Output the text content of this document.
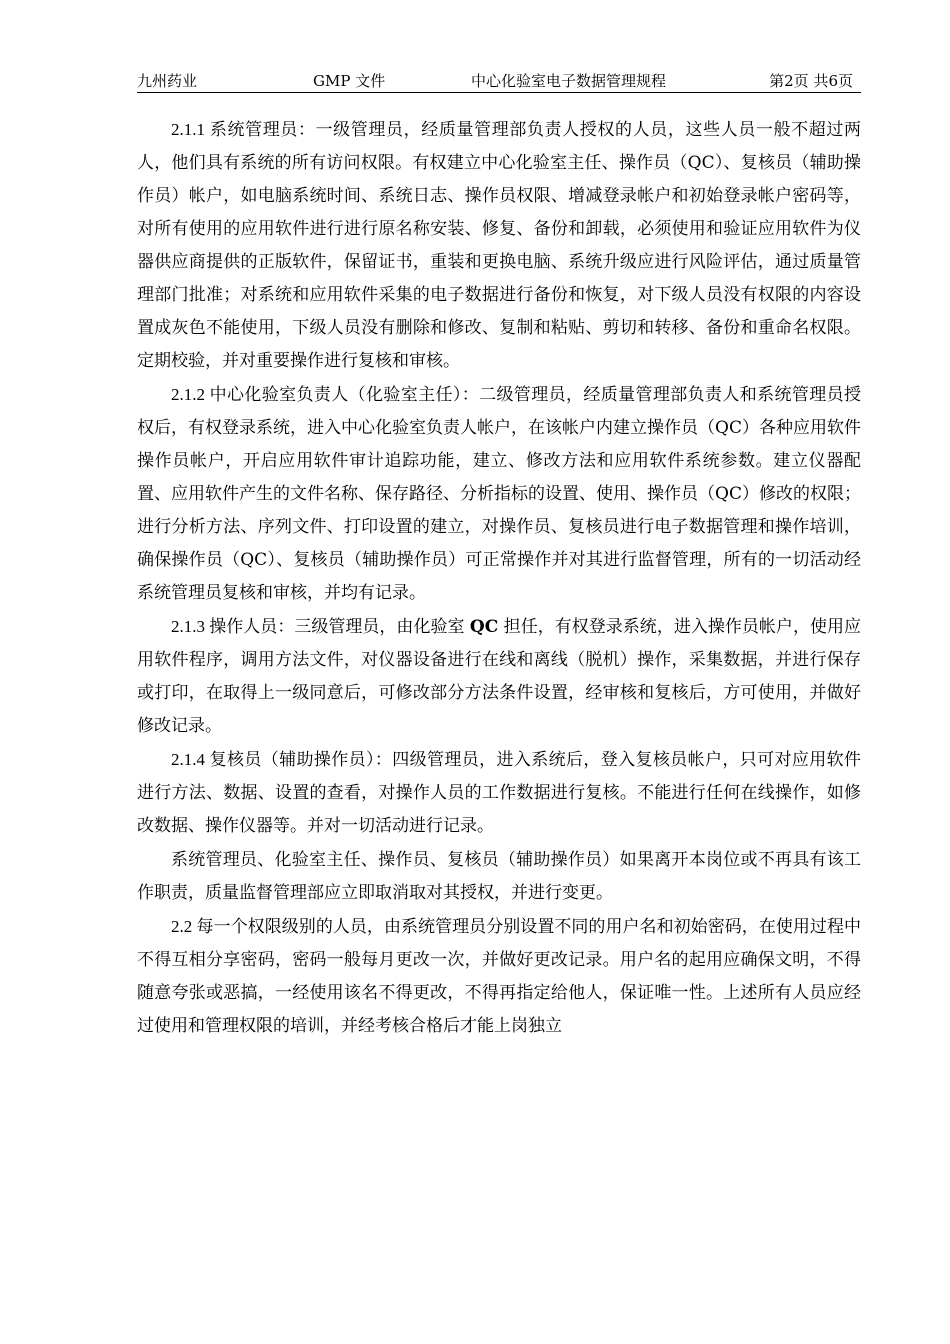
九州药业	GMP 文件	中心化验室电子数据管理规程	第2页 共6页

2.1.1 系统管理员：一级管理员，经质量管理部负责人授权的人员，这些人员一般不超过两人，他们具有系统的所有访问权限。有权建立中心化验室主任、操作员（QC）、复核员（辅助操作员）帐户，如电脑系统时间、系统日志、操作员权限、增减登录帐户和初始登录帐户密码等，对所有使用的应用软件进行进行原名称安装、修复、备份和卸载，必须使用和验证应用软件为仪器供应商提供的正版软件，保留证书，重装和更换电脑、系统升级应进行风险评估，通过质量管理部门批准；对系统和应用软件采集的电子数据进行备份和恢复，对下级人员没有权限的内容设置成灰色不能使用，下级人员没有删除和修改、复制和粘贴、剪切和转移、备份和重命名权限。定期校验，并对重要操作进行复核和审核。

2.1.2 中心化验室负责人（化验室主任）：二级管理员，经质量管理部负责人和系统管理员授权后，有权登录系统，进入中心化验室负责人帐户，在该帐户内建立操作员（QC）各种应用软件操作员帐户，开启应用软件审计追踪功能，建立、修改方法和应用软件系统参数。建立仪器配置、应用软件产生的文件名称、保存路径、分析指标的设置、使用、操作员（QC）修改的权限；进行分析方法、序列文件、打印设置的建立，对操作员、复核员进行电子数据管理和操作培训，确保操作员（QC）、复核员（辅助操作员）可正常操作并对其进行监督管理，所有的一切活动经系统管理员复核和审核，并均有记录。

2.1.3 操作人员：三级管理员，由化验室 QC 担任，有权登录系统，进入操作员帐户，使用应用软件程序，调用方法文件，对仪器设备进行在线和离线（脱机）操作，采集数据，并进行保存或打印，在取得上一级同意后，可修改部分方法条件设置，经审核和复核后，方可使用，并做好修改记录。

2.1.4 复核员（辅助操作员）：四级管理员，进入系统后，登入复核员帐户，只可对应用软件进行方法、数据、设置的查看，对操作人员的工作数据进行复核。不能进行任何在线操作，如修改数据、操作仪器等。并对一切活动进行记录。

系统管理员、化验室主任、操作员、复核员（辅助操作员）如果离开本岗位或不再具有该工作职责，质量监督管理部应立即取消取对其授权，并进行变更。

2.2 每一个权限级别的人员，由系统管理员分别设置不同的用户名和初始密码，在使用过程中不得互相分享密码，密码一般每月更改一次，并做好更改记录。用户名的起用应确保文明，不得随意夸张或恶搞，一经使用该名不得更改，不得再指定给他人，保证唯一性。上述所有人员应经过使用和管理权限的培训，并经考核合格后才能上岗独立
